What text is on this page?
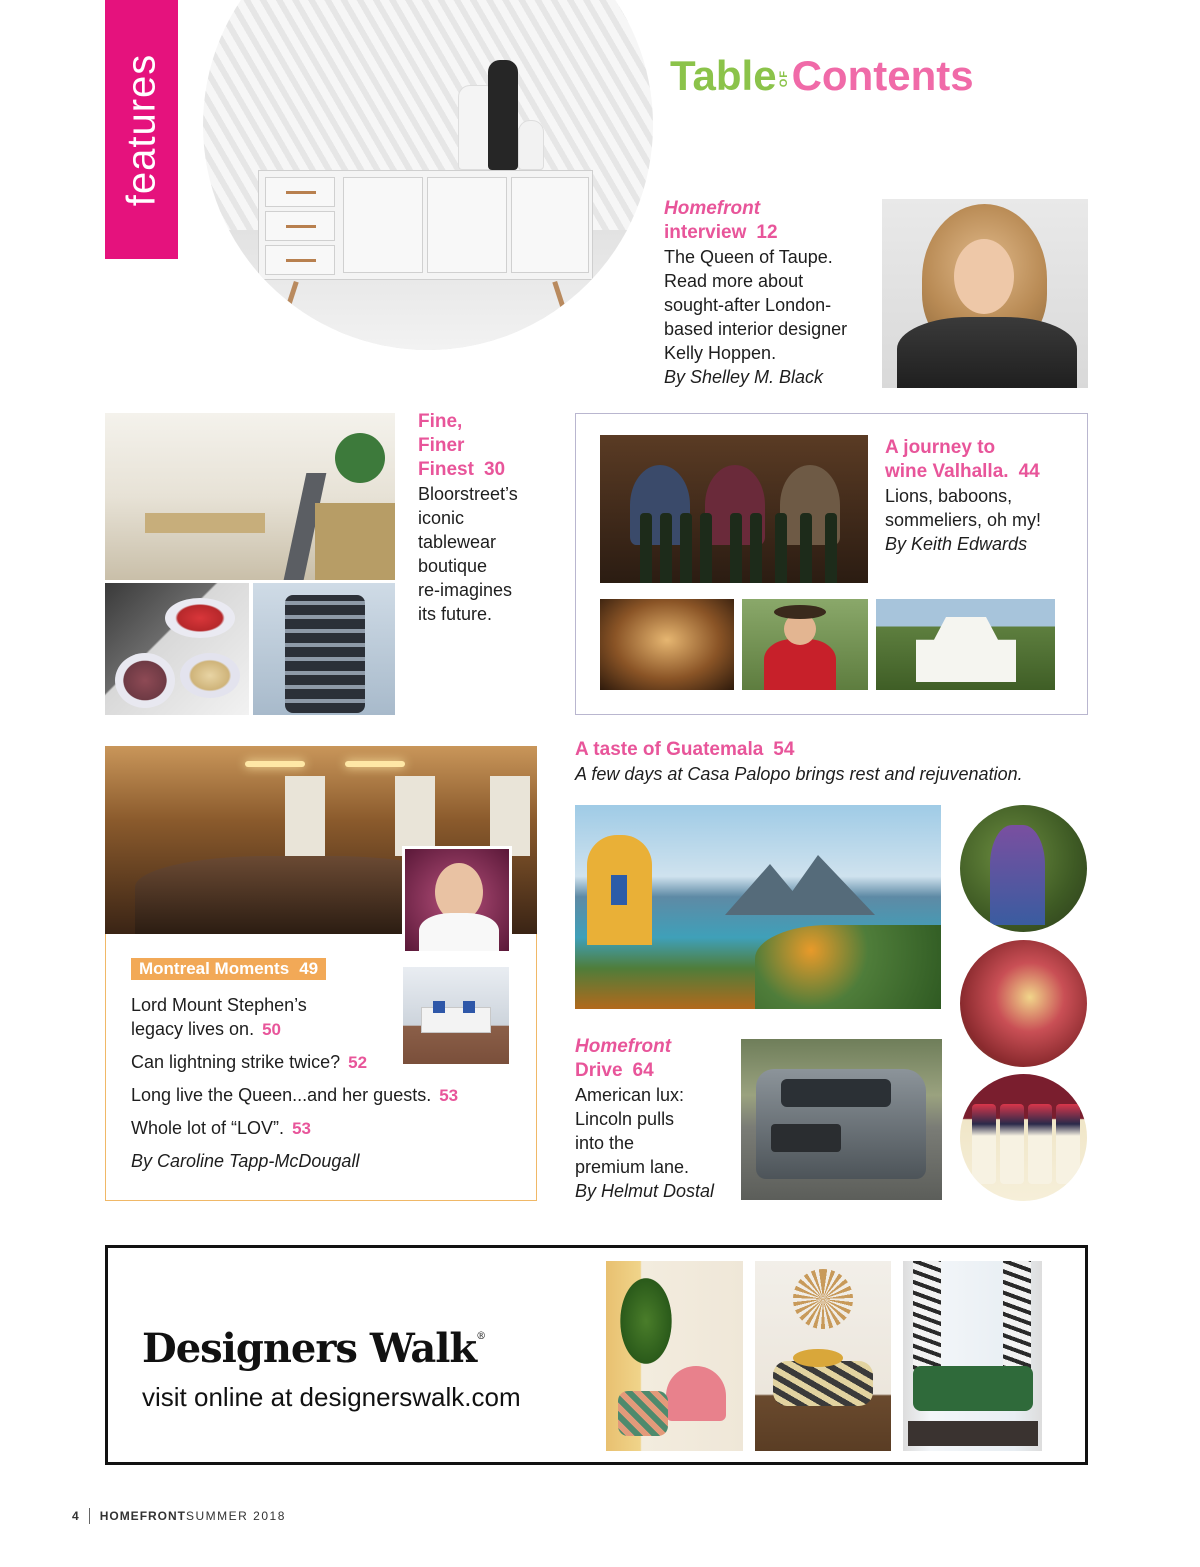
features	TableOFContents
Homefront
interview 12
The Queen of Taupe.
Read more about
sought-after London-
based interior designer
Kelly Hoppen.
By Shelley M. Black
Fine,
Finer
Finest 30
Bloorstreet’s
iconic
tablewear
boutique
re-imagines
its future.
A journey to
wine Valhalla. 44
Lions, baboons,
sommeliers, oh my!
By Keith Edwards
Montreal Moments 49
Lord Mount Stephen’s
legacy lives on. 50
Can lightning strike twice? 52
Long live the Queen...and her guests. 53
Whole lot of “LOV”. 53
By Caroline Tapp-McDougall
A taste of Guatemala 54
A few days at Casa Palopo brings rest and rejuvenation.
Homefront
Drive 64
American lux:
Lincoln pulls
into the
premium lane.
By Helmut Dostal
Designers Walk®
visit online at designerswalk.com
4 HOMEFRONT SUMMER 2018
